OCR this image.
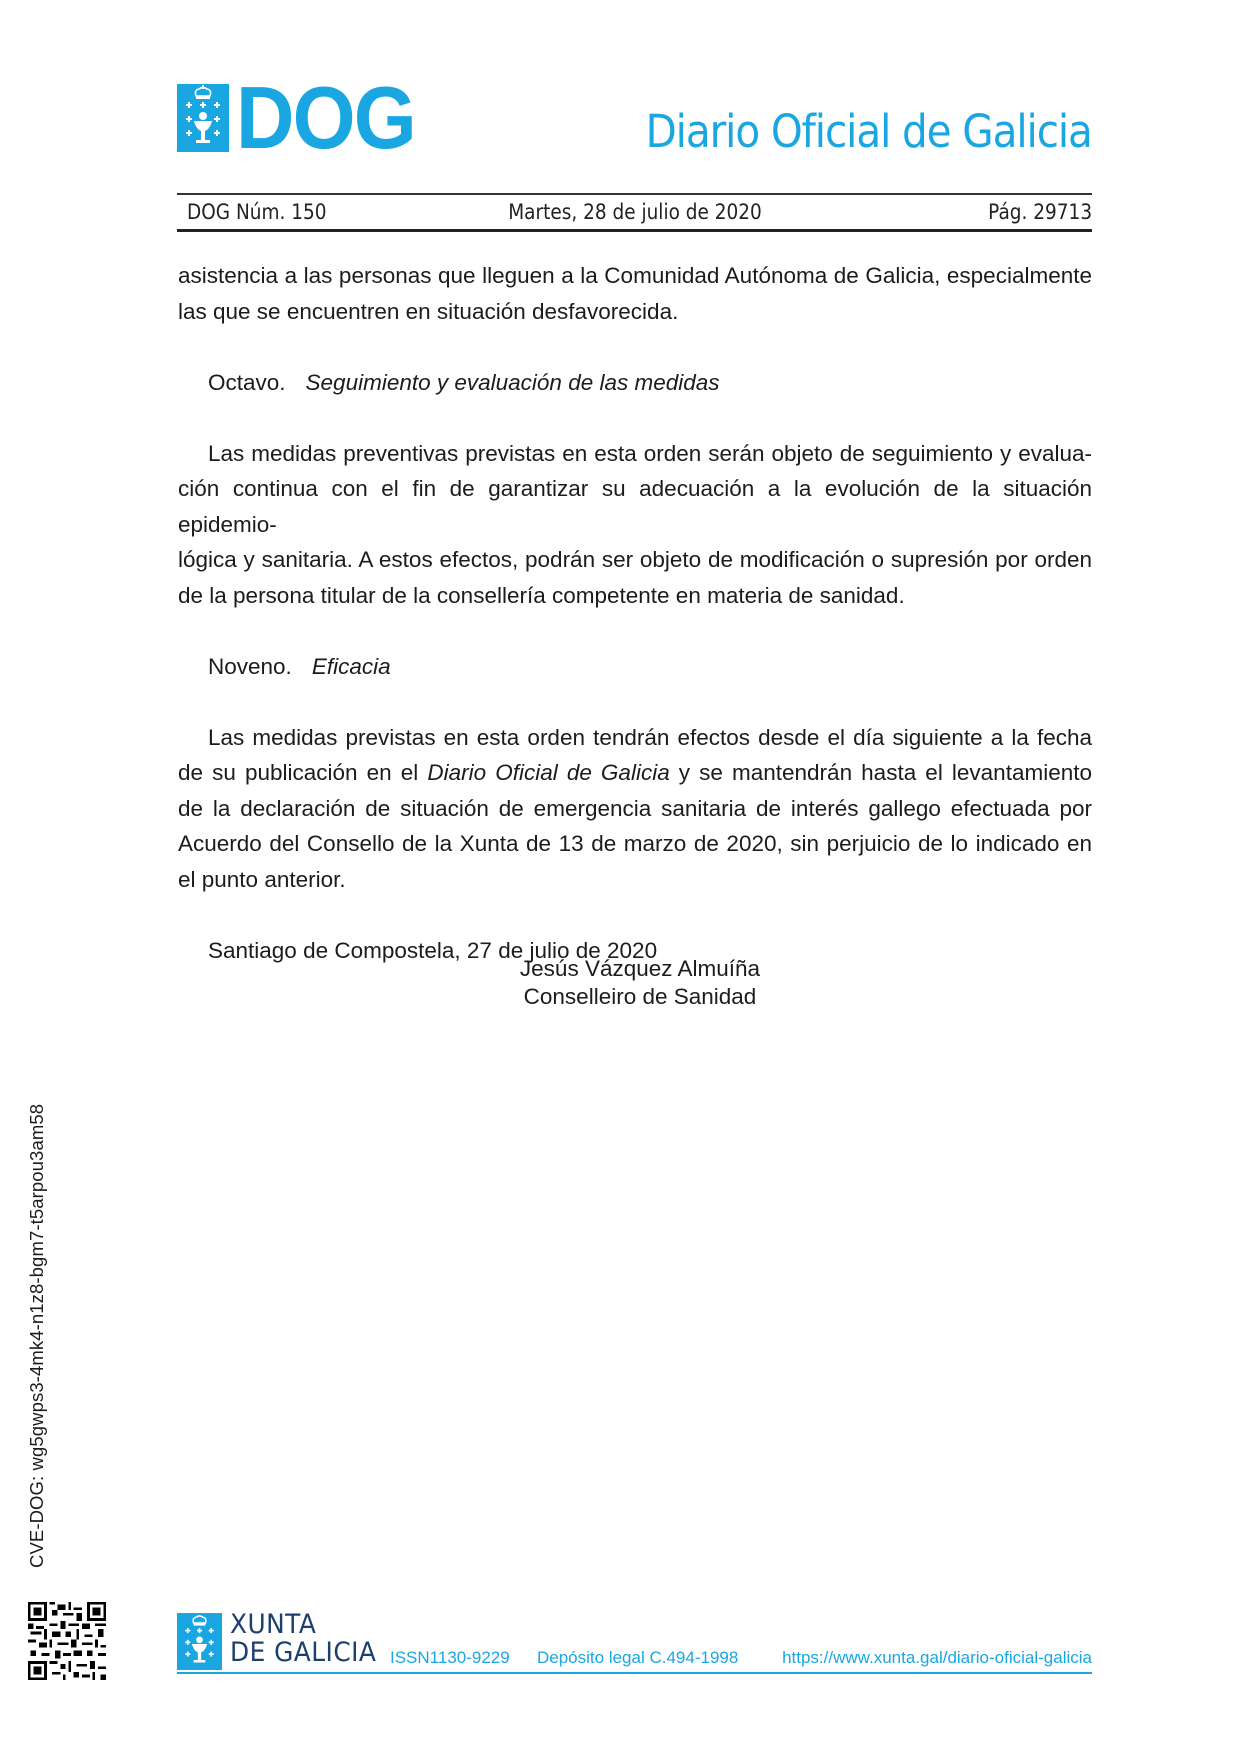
DOG	Diario Oficial de Galicia
DOG Núm. 150	Martes, 28 de julio de 2020	Pág. 29713
asistencia a las personas que lleguen a la Comunidad Autónoma de Galicia, especialmente
las que se encuentren en situación desfavorecida.
Octavo. Seguimiento y evaluación de las medidas
Las medidas preventivas previstas en esta orden serán objeto de seguimiento y evalua-
ción continua con el fin de garantizar su adecuación a la evolución de la situación epidemio-
lógica y sanitaria. A estos efectos, podrán ser objeto de modificación o supresión por orden
de la persona titular de la consellería competente en materia de sanidad.
Noveno. Eficacia
Las medidas previstas en esta orden tendrán efectos desde el día siguiente a la fecha
de su publicación en el Diario Oficial de Galicia y se mantendrán hasta el levantamiento
de la declaración de situación de emergencia sanitaria de interés gallego efectuada por
Acuerdo del Consello de la Xunta de 13 de marzo de 2020, sin perjuicio de lo indicado en
el punto anterior.
Santiago de Compostela, 27 de julio de 2020
Jesús Vázquez Almuíña
Conselleiro de Sanidad
CVE-DOG: wg5gwps3-4mk4-n1z8-bgm7-t5arpou3am58
XUNTA
DE GALICIA ISSN1130-9229 Depósito legal C.494-1998	https://www.xunta.gal/diario-oficial-galicia
